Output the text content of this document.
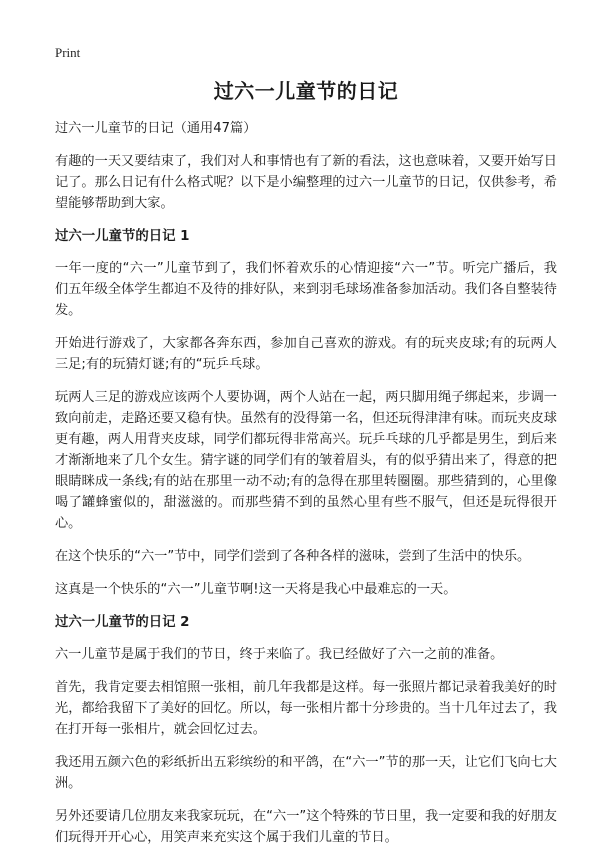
Print
过六一儿童节的日记
过六一儿童节的日记（通用47篇）

有趣的一天又要结束了，我们对人和事情也有了新的看法，这也意味着，又要开始写日记了。那么日记有什么格式呢？以下是小编整理的过六一儿童节的日记，仅供参考，希望能够帮助到大家。

过六一儿童节的日记 1

一年一度的“六一”儿童节到了，我们怀着欢乐的心情迎接“六一”节。听完广播后，我们五年级全体学生都迫不及待的排好队，来到羽毛球场准备参加活动。我们各自整装待发。

开始进行游戏了，大家都各奔东西，参加自己喜欢的游戏。有的玩夹皮球;有的玩两人三足;有的玩猜灯谜;有的“玩乒乓球。

玩两人三足的游戏应该两个人要协调，两个人站在一起，两只脚用绳子绑起来，步调一致向前走，走路还要又稳有快。虽然有的没得第一名，但还玩得津津有味。而玩夹皮球更有趣，两人用背夹皮球，同学们都玩得非常高兴。玩乒乓球的几乎都是男生，到后来才渐渐地来了几个女生。猜字谜的同学们有的皱着眉头，有的似乎猜出来了，得意的把眼睛眯成一条线;有的站在那里一动不动;有的急得在那里转圈圈。那些猜到的，心里像喝了罐蜂蜜似的，甜滋滋的。而那些猜不到的虽然心里有些不服气，但还是玩得很开心。

在这个快乐的“六一”节中，同学们尝到了各种各样的滋味，尝到了生活中的快乐。

这真是一个快乐的“六一”儿童节啊!这一天将是我心中最难忘的一天。

过六一儿童节的日记 2

六一儿童节是属于我们的节日，终于来临了。我已经做好了六一之前的准备。

首先，我肯定要去相馆照一张相，前几年我都是这样。每一张照片都记录着我美好的时光，都给我留下了美好的回忆。所以，每一张相片都十分珍贵的。当十几年过去了，我在打开每一张相片，就会回忆过去。

我还用五颜六色的彩纸折出五彩缤纷的和平鸽，在“六一”节的那一天，让它们飞向七大洲。

另外还要请几位朋友来我家玩玩，在“六一”这个特殊的节日里，我一定要和我的好朋友们玩得开开心心，用笑声来充实这个属于我们儿童的节日。
